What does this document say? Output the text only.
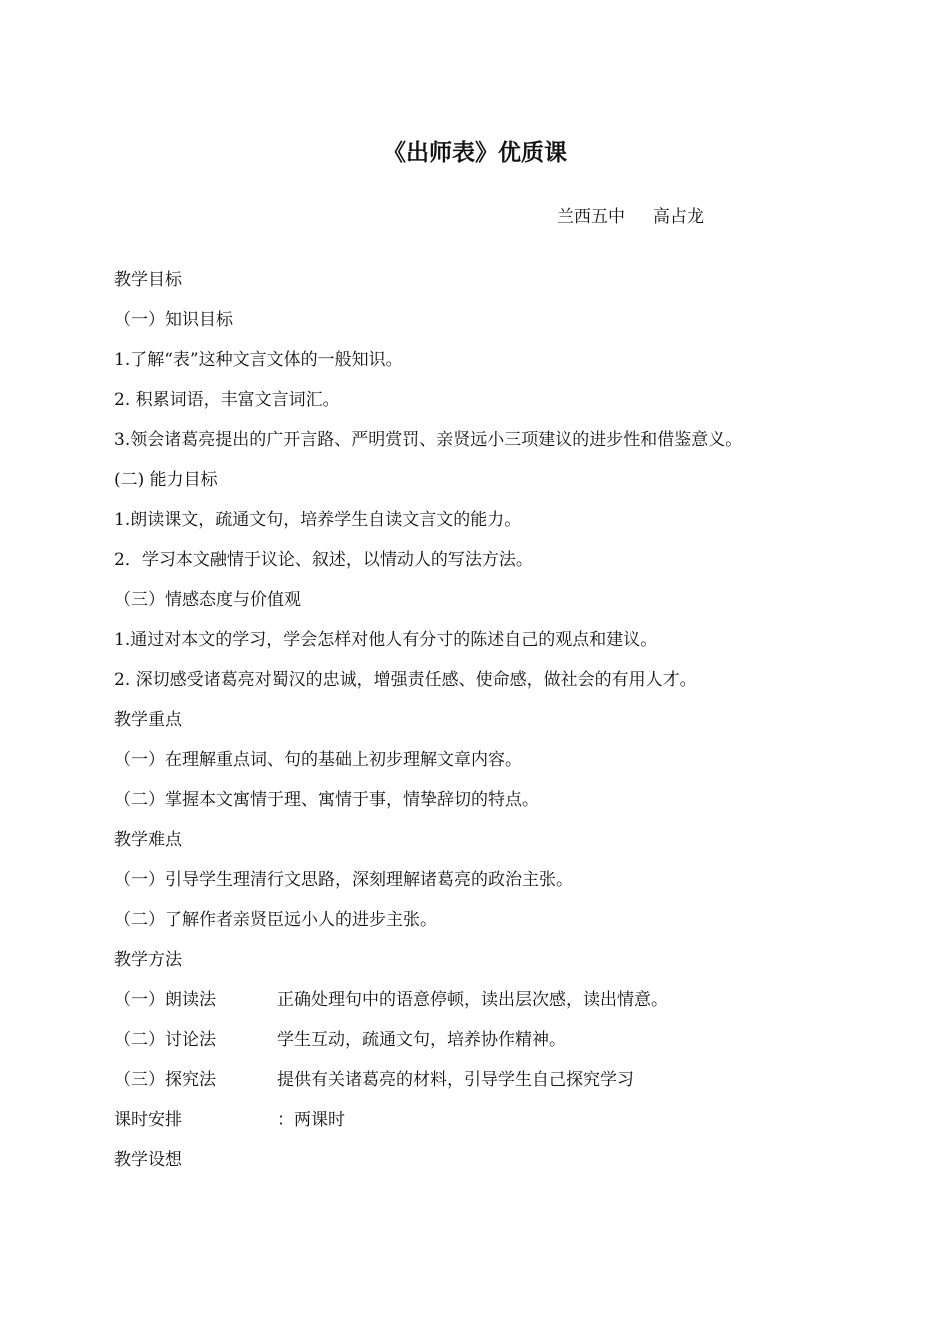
《出师表》优质课
兰西五中 高占龙
教学目标
（一）知识目标
1.了解“表”这种文言文体的一般知识。
2. 积累词语，丰富文言词汇。
3.领会诸葛亮提出的广开言路、严明赏罚、亲贤远小三项建议的进步性和借鉴意义。
(二) 能力目标
1.朗读课文，疏通文句，培养学生自读文言文的能力。
2．学习本文融情于议论、叙述，以情动人的写法方法。
（三）情感态度与价值观
1.通过对本文的学习，学会怎样对他人有分寸的陈述自己的观点和建议。
2. 深切感受诸葛亮对蜀汉的忠诚，增强责任感、使命感，做社会的有用人才。
教学重点
（一）在理解重点词、句的基础上初步理解文章内容。
（二）掌握本文寓情于理、寓情于事，情挚辞切的特点。
教学难点
（一）引导学生理清行文思路，深刻理解诸葛亮的政治主张。
（二）了解作者亲贤臣远小人的进步主张。
教学方法
（一）朗读法	正确处理句中的语意停顿，读出层次感，读出情意。
（二）讨论法	学生互动，疏通文句，培养协作精神。
（三）探究法	提供有关诸葛亮的材料，引导学生自己探究学习
课时安排	：两课时
教学设想
